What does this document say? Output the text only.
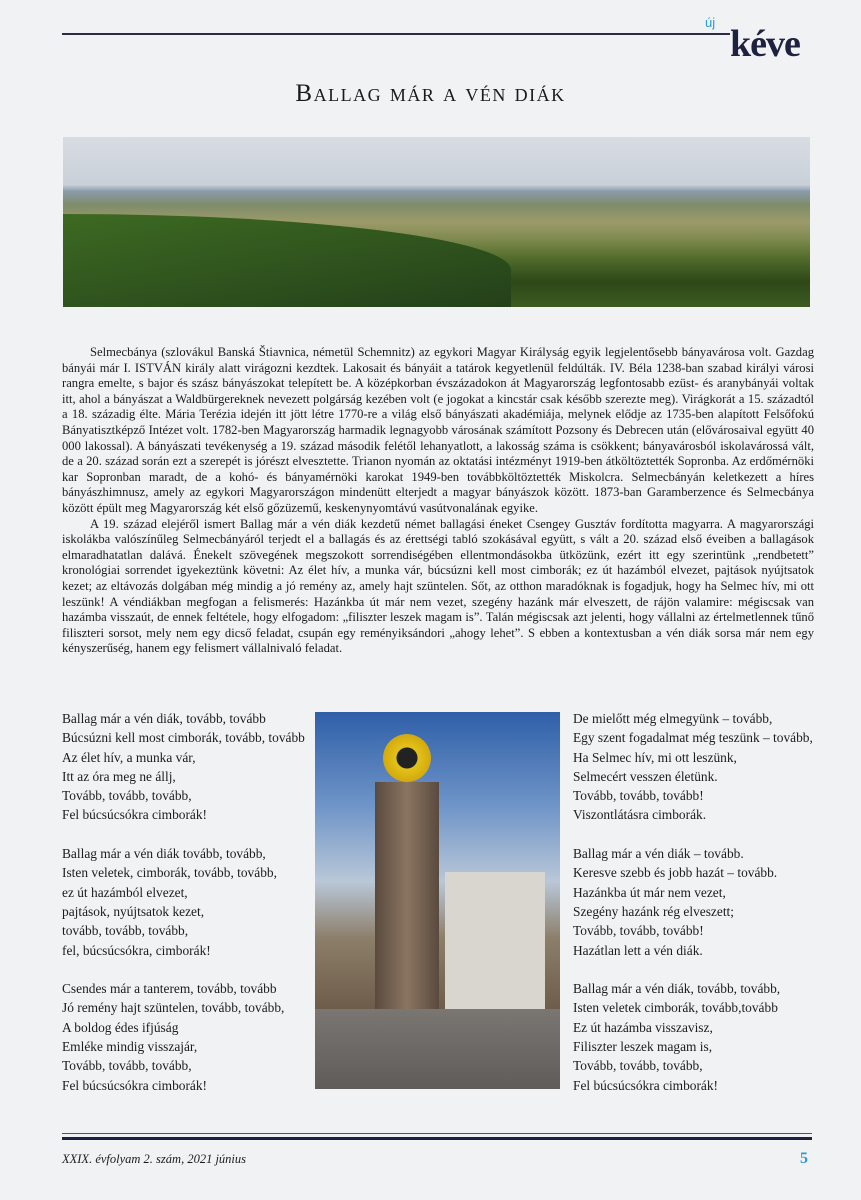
új
kéve
Ballag már a vén diák

Selmecbánya (szlovákul Banská Štiavnica, németül Schemnitz) az egykori Magyar Királyság egyik legjelentősebb bányavárosa volt. Gazdag bányái már I. ISTVÁN király alatt virágozni kezdtek. Lakosait és bányáit a tatárok kegyetlenül feldúlták. IV. Béla 1238-ban szabad királyi városi rangra emelte, s bajor és szász bányászokat telepített be. A középkorban évszázadokon át Magyarország legfontosabb ezüst- és aranybányái voltak itt, ahol a bányászat a Waldbürgereknek nevezett polgárság kezében volt (e jogokat a kincstár csak később szerezte meg). Virágkorát a 15. századtól a 18. századig élte. Mária Terézia idején itt jött létre 1770-re a világ első bányászati akadémiája, melynek elődje az 1735-ben alapított Felsőfokú Bányatisztképző Intézet volt. 1782-ben Magyarország harmadik legnagyobb városának számított Pozsony és Debrecen után (elővárosaival együtt 40 000 lakossal). A bányászati tevékenység a 19. század második felétől lehanyatlott, a lakosság száma is csökkent; bányavárosból iskolavárossá vált, de a 20. század során ezt a szerepét is jórészt elvesztette. Trianon nyomán az oktatási intézményt 1919-ben átköltöztették Sopronba. Az erdőmérnöki kar Sopronban maradt, de a kohó- és bányamérnöki karokat 1949-ben továbbköltöztették Miskolcra. Selmecbányán keletkezett a híres bányászhimnusz, amely az egykori Magyarországon mindenütt elterjedt a magyar bányászok között. 1873-ban Garamberzence és Selmecbánya között épült meg Magyarország két első gőzüzemű, keskenynyomtávú vasútvonalának egyike.

A 19. század elejéről ismert Ballag már a vén diák kezdetű német ballagási éneket Csengey Gusztáv fordította magyarra. A magyarországi iskolákba valószínűleg Selmecbányáról terjedt el a ballagás és az érettségi tabló szokásával együtt, s vált a 20. század első éveiben a ballagások elmaradhatatlan dalává. Énekelt szövegének megszokott sorrendiségében ellentmondásokba ütközünk, ezért itt egy szerintünk „rendbetett” kronológiai sorrendet igyekeztünk követni: Az élet hív, a munka vár, búcsúzni kell most cimborák; ez út hazámból elvezet, pajtások nyújtsatok kezet; az eltávozás dolgában még mindig a jó remény az, amely hajt szüntelen. Sőt, az otthon maradóknak is fogadjuk, hogy ha Selmec hív, mi ott leszünk! A véndiákban megfogan a felismerés: Hazánkba út már nem vezet, szegény hazánk már elveszett, de rájön valamire: mégiscsak van hazámba visszaút, de ennek feltétele, hogy elfogadom: „filiszter leszek magam is”. Talán mégiscsak azt jelenti, hogy vállalni az értelmetlennek tűnő filiszteri sorsot, mely nem egy dicső feladat, csupán egy reményiksándori „ahogy lehet”. S ebben a kontextusban a vén diák sorsa már nem egy kényszerűség, hanem egy felismert vállalnivaló feladat.

Ballag már a vén diák, tovább, tovább
Búcsúzni kell most cimborák, tovább, tovább
Az élet hív, a munka vár,
Itt az óra meg ne állj,
Tovább, tovább, tovább,
Fel búcsúcsókra cimborák!
Ballag már a vén diák tovább, tovább,
Isten veletek, cimborák, tovább, tovább,
ez út hazámból elvezet,
pajtások, nyújtsatok kezet,
tovább, tovább, tovább,
fel, búcsúcsókra, cimborák!
Csendes már a tanterem, tovább, tovább
Jó remény hajt szüntelen, tovább, tovább,
A boldog édes ifjúság
Emléke mindig visszajár,
Tovább, tovább, tovább,
Fel búcsúcsókra cimborák!
De mielőtt még elmegyünk – tovább,
Egy szent fogadalmat még teszünk – tovább,
Ha Selmec hív, mi ott leszünk,
Selmecért vesszen életünk.
Tovább, tovább, tovább!
Viszontlátásra cimborák.
Ballag már a vén diák – tovább.
Keresve szebb és jobb hazát – tovább.
Hazánkba út már nem vezet,
Szegény hazánk rég elveszett;
Tovább, tovább, tovább!
Hazátlan lett a vén diák.
Ballag már a vén diák, tovább, tovább,
Isten veletek cimborák, tovább,tovább
Ez út hazámba visszavisz,
Filiszter leszek magam is,
Tovább, tovább, tovább,
Fel búcsúcsókra cimborák!
XXIX. évfolyam 2. szám, 2021 június	5
